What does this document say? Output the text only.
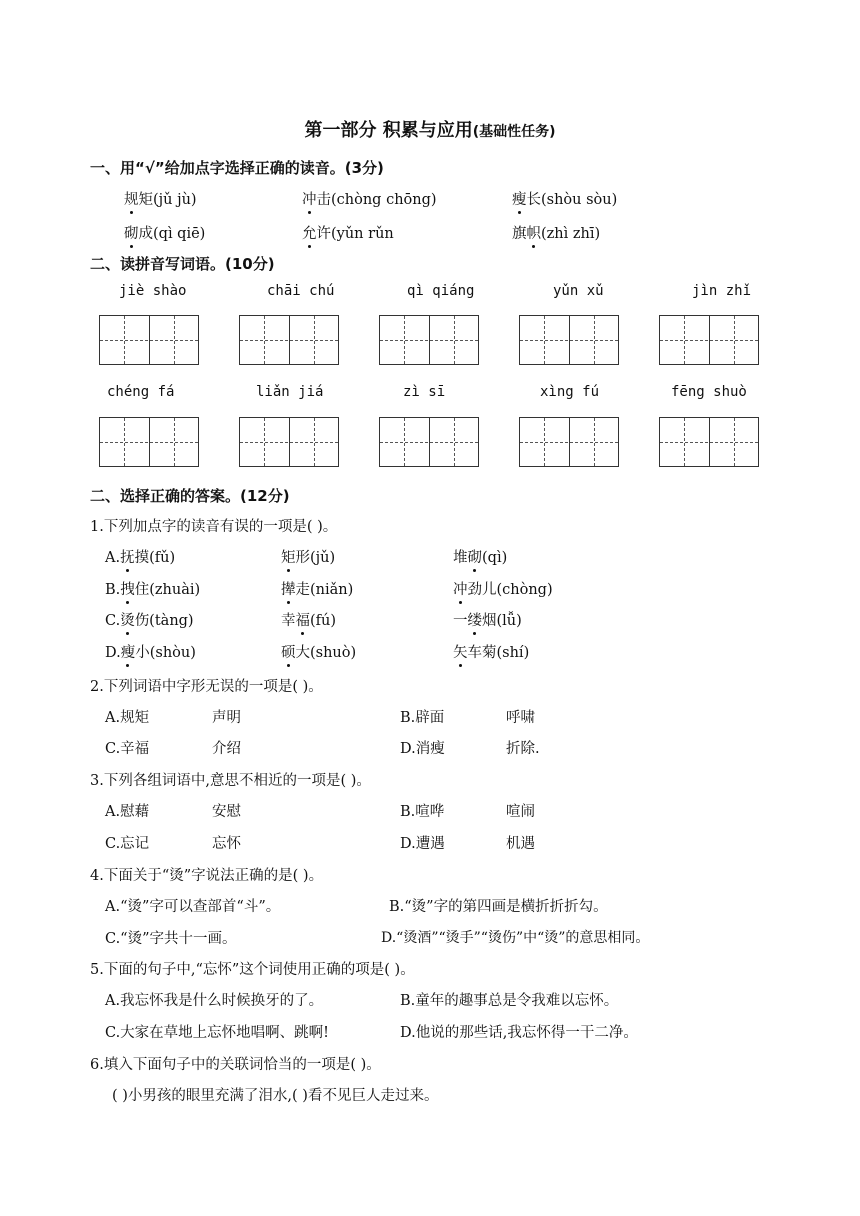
第一部分 积累与应用(基础性任务)
一、用“√”给加点字选择正确的读音。(3分)
规矩(jǔ jù)	冲击(chòng chōng)	瘦长(shòu sòu)
砌成(qì qiē)	允许(yǔn rǔn	旗帜(zhì zhī)
二、读拼音写词语。(10分)
jiè shào	chāi chú	qì qiáng	yǔn xǔ	jìn zhǐ
chéng fá	liǎn jiá	zì sī	xìng fú	fēng shuò
二、选择正确的答案。(12分)
1.下列加点字的读音有误的一项是( )。
A.抚摸(fǔ)	矩形(jǔ)	堆砌(qì)
B.拽住(zhuài)	撵走(niǎn)	冲劲儿(chòng)
C.烫伤(tàng)	幸福(fú)	一缕烟(lǚ)
D.瘦小(shòu)	硕大(shuò)	矢车菊(shí)
2.下列词语中字形无误的一项是( )。
A.规矩	声明	B.辟面	呼啸
C.辛福	介绍	D.消瘦	折除.
3.下列各组词语中,意思不相近的一项是( )。
A.慰藉	安慰	B.喧哗	喧闹
C.忘记	忘怀	D.遭遇	机遇
4.下面关于“烫”字说法正确的是( )。
A.“烫”字可以查部首“斗”。	B.“烫”字的第四画是横折折折勾。
C.“烫”字共十一画。	D.“烫酒”“烫手”“烫伤”中“烫”的意思相同。
5.下面的句子中,“忘怀”这个词使用正确的项是( )。
A.我忘怀我是什么时候换牙的了。	B.童年的趣事总是令我难以忘怀。
C.大家在草地上忘怀地唱啊、跳啊!	D.他说的那些话,我忘怀得一干二净。
6.填入下面句子中的关联词恰当的一项是( )。
( )小男孩的眼里充满了泪水,( )看不见巨人走过来。
